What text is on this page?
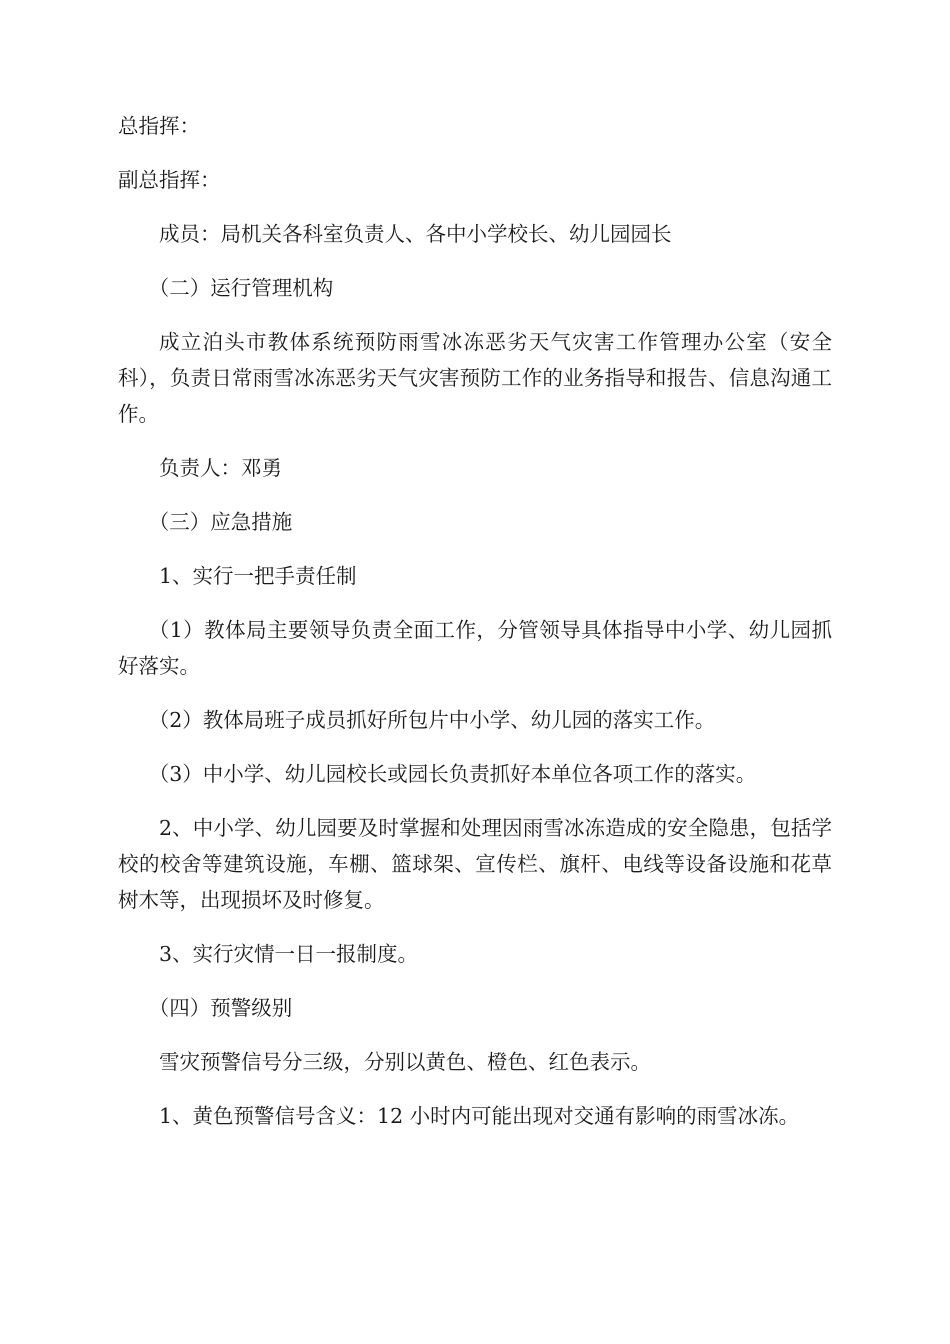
总指挥：

副总指挥：

成员：局机关各科室负责人、各中小学校长、幼儿园园长

（二）运行管理机构

成立泊头市教体系统预防雨雪冰冻恶劣天气灾害工作管理办公室（安全科），负责日常雨雪冰冻恶劣天气灾害预防工作的业务指导和报告、信息沟通工作。

负责人：邓勇

（三）应急措施

1、实行一把手责任制

（1）教体局主要领导负责全面工作，分管领导具体指导中小学、幼儿园抓好落实。

（2）教体局班子成员抓好所包片中小学、幼儿园的落实工作。

（3）中小学、幼儿园校长或园长负责抓好本单位各项工作的落实。

2、中小学、幼儿园要及时掌握和处理因雨雪冰冻造成的安全隐患，包括学校的校舍等建筑设施，车棚、篮球架、宣传栏、旗杆、电线等设备设施和花草树木等，出现损坏及时修复。

3、实行灾情一日一报制度。

（四）预警级别

雪灾预警信号分三级，分别以黄色、橙色、红色表示。

1、黄色预警信号含义：12 小时内可能出现对交通有影响的雨雪冰冻。
